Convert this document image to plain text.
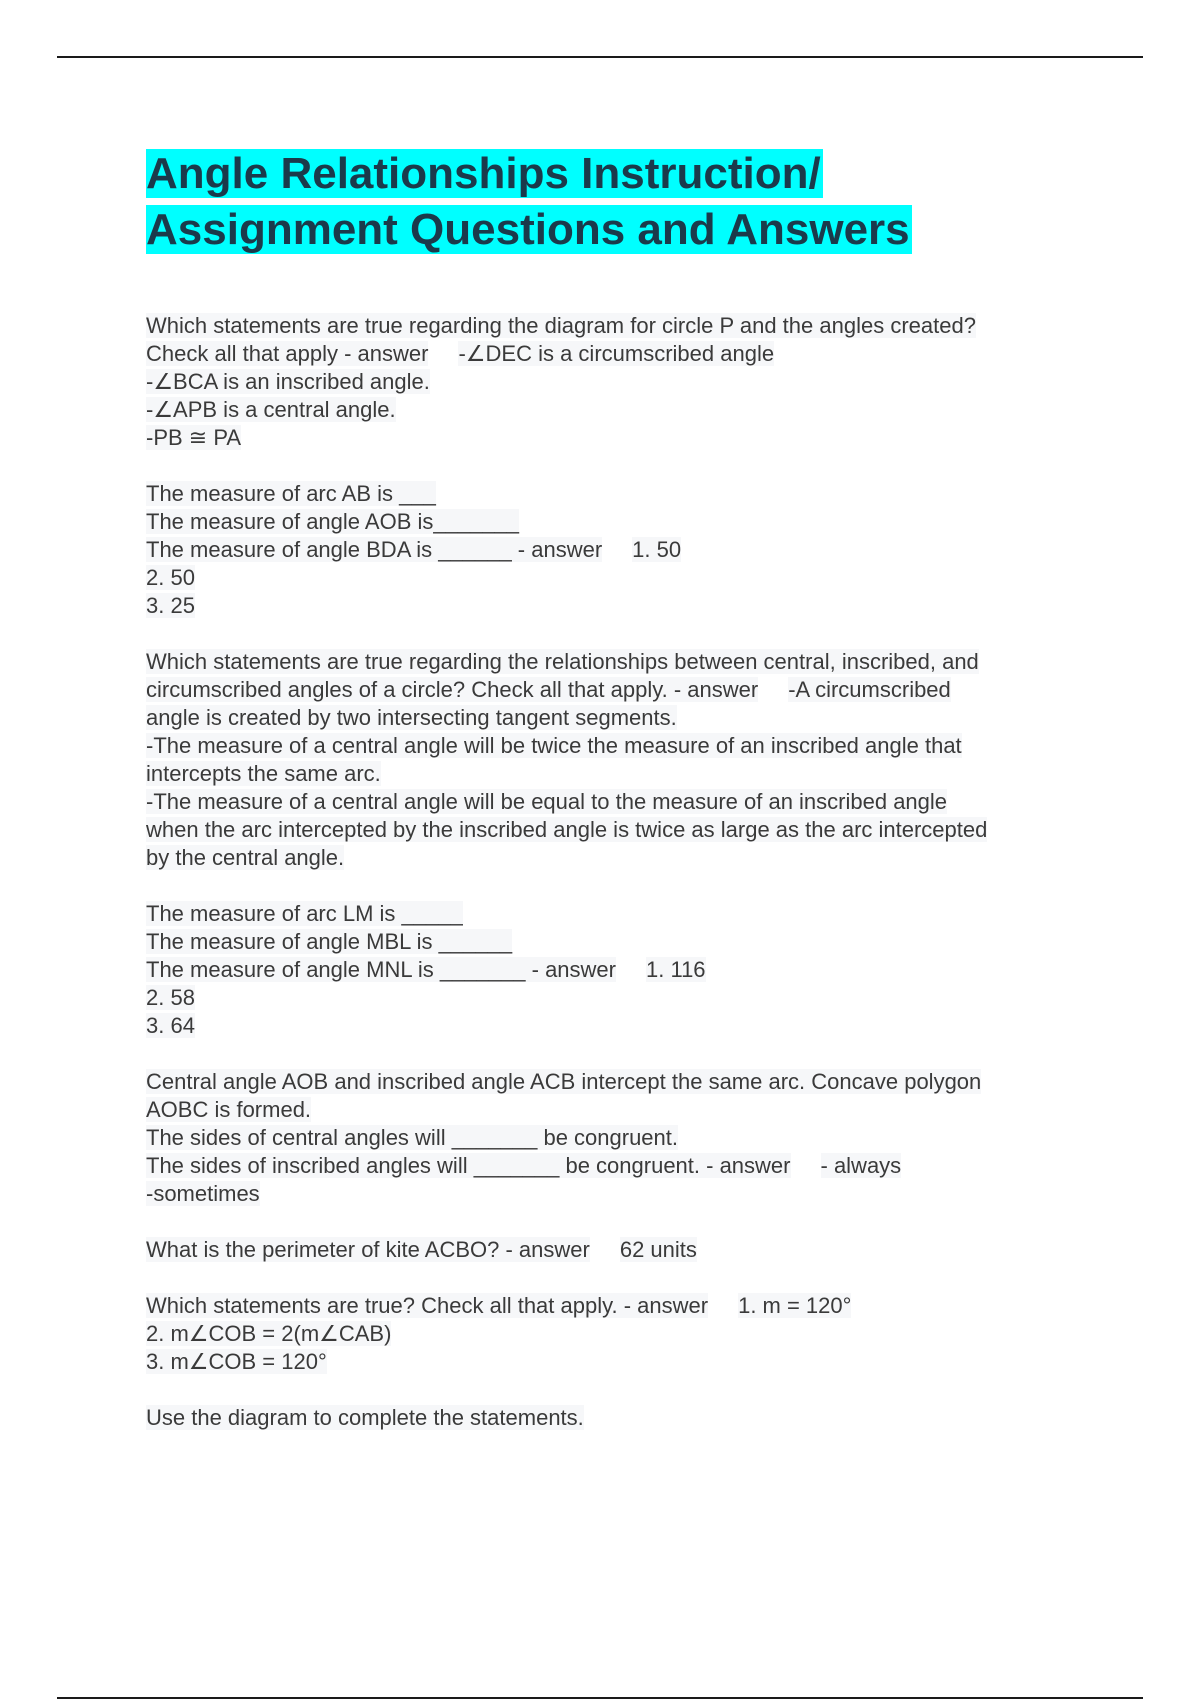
Angle Relationships Instruction/
Assignment Questions and Answers
Which statements are true regarding the diagram for circle P and the angles created?
Check all that apply - answer -∠DEC is a circumscribed angle
-∠BCA is an inscribed angle.
-∠APB is a central angle.
-PB ≅ PA
The measure of arc AB is ___
The measure of angle AOB is_______
The measure of angle BDA is ______ - answer 1. 50
2. 50
3. 25
Which statements are true regarding the relationships between central, inscribed, and
circumscribed angles of a circle? Check all that apply. - answer -A circumscribed
angle is created by two intersecting tangent segments.
-The measure of a central angle will be twice the measure of an inscribed angle that
intercepts the same arc.
-The measure of a central angle will be equal to the measure of an inscribed angle
when the arc intercepted by the inscribed angle is twice as large as the arc intercepted
by the central angle.
The measure of arc LM is _____
The measure of angle MBL is ______
The measure of angle MNL is _______ - answer 1. 116
2. 58
3. 64
Central angle AOB and inscribed angle ACB intercept the same arc. Concave polygon
AOBC is formed.
The sides of central angles will _______ be congruent.
The sides of inscribed angles will _______ be congruent. - answer - always
-sometimes
What is the perimeter of kite ACBO? - answer 62 units
Which statements are true? Check all that apply. - answer 1. m = 120°
2. m∠COB = 2(m∠CAB)
3. m∠COB = 120°
Use the diagram to complete the statements.
